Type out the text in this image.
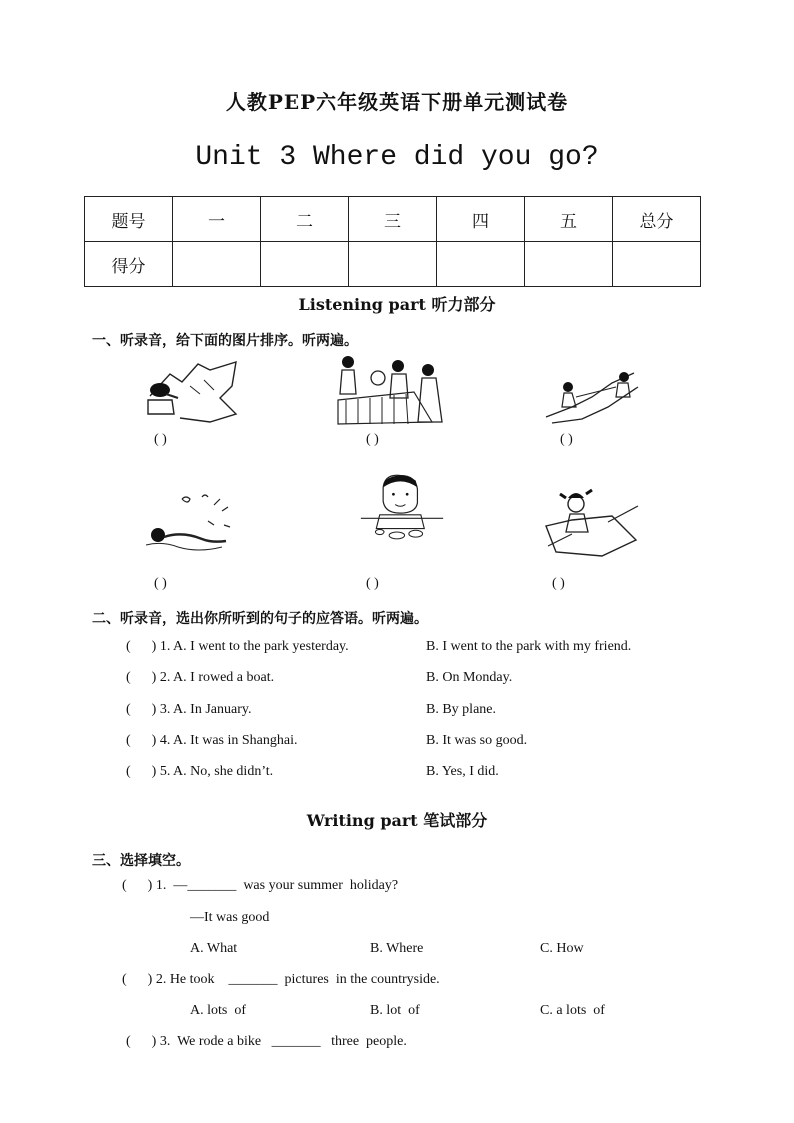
人教PEP六年级英语下册单元测试卷
Unit 3 Where did you go?
题号	一	二	三	四	五	总分
得分						
Listening part 听力部分
一、听录音，给下面的图片排序。听两遍。
( )	( )	( )
( )	( )	( )
二、听录音，选出你所听到的句子的应答语。听两遍。
(      ) 1. A. I went to the park yesterday.	B. I went to the park with my friend.
(      ) 2. A. I rowed a boat.	B. On Monday.
(      ) 3. A. In January.	B. By plane.
(      ) 4. A. It was in Shanghai.	B. It was so good.
(      ) 5. A. No, she didn’t.	B. Yes, I did.
Writing part 笔试部分
三、选择填空。
(      ) 1.  —_______  was your summer  holiday?
—It was good
A. What	B. Where	C. How
(      ) 2. He took    _______  pictures  in the countryside.
A. lots  of	B. lot  of	C. a lots  of
(      ) 3.  We rode a bike   _______   three  people.
